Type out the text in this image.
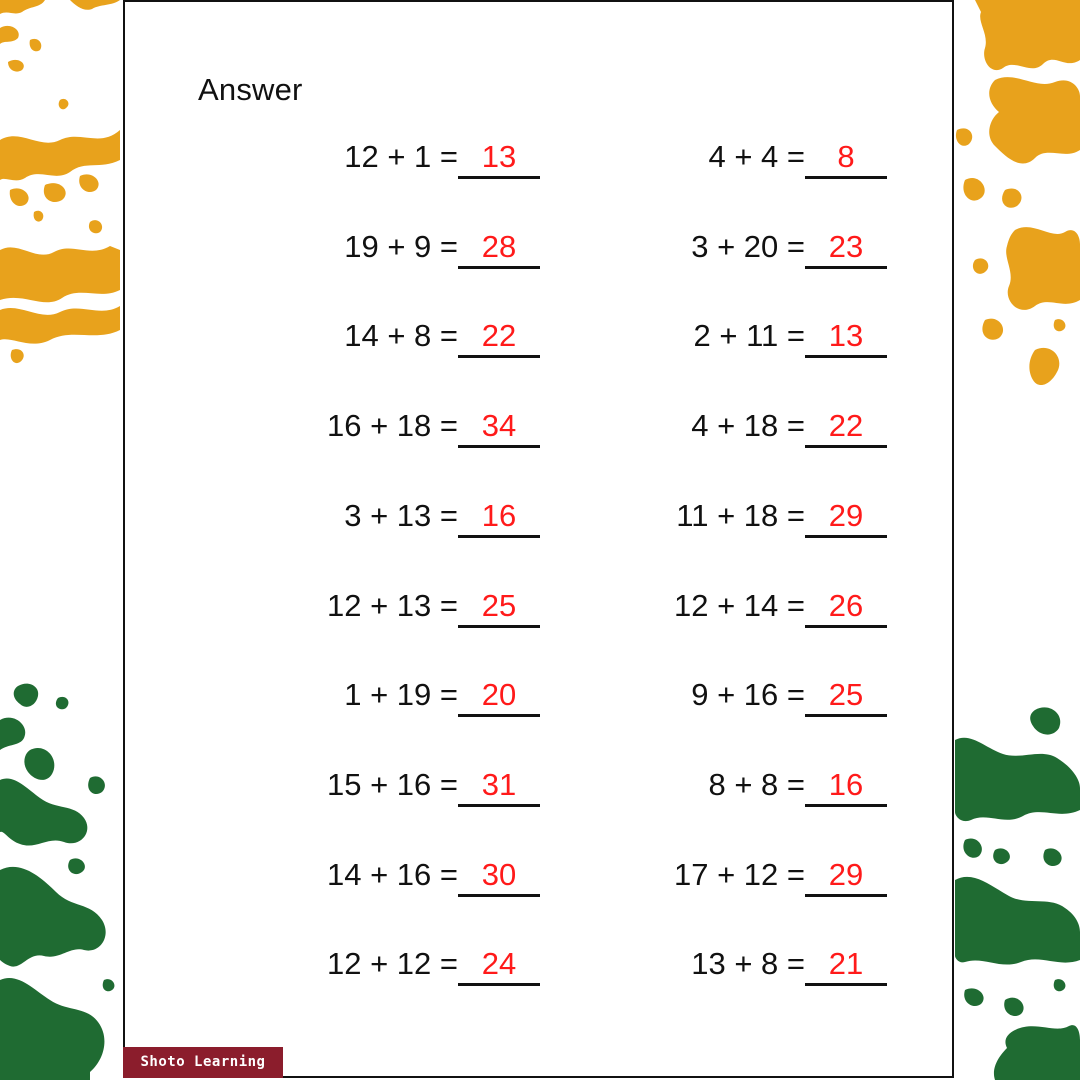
Answer
12 + 1 = 13
19 + 9 = 28
14 + 8 = 22
16 + 18 = 34
3 + 13 = 16
12 + 13 = 25
1 + 19 = 20
15 + 16 = 31
14 + 16 = 30
12 + 12 = 24
4 + 4 =	8
3 + 20 = 23
2 + 11 = 13
4 + 18 = 22
11 + 18 = 29
12 + 14 = 26
9 + 16 = 25
8 + 8 = 16
17 + 12 = 29
13 + 8 = 21
Shoto Learning
